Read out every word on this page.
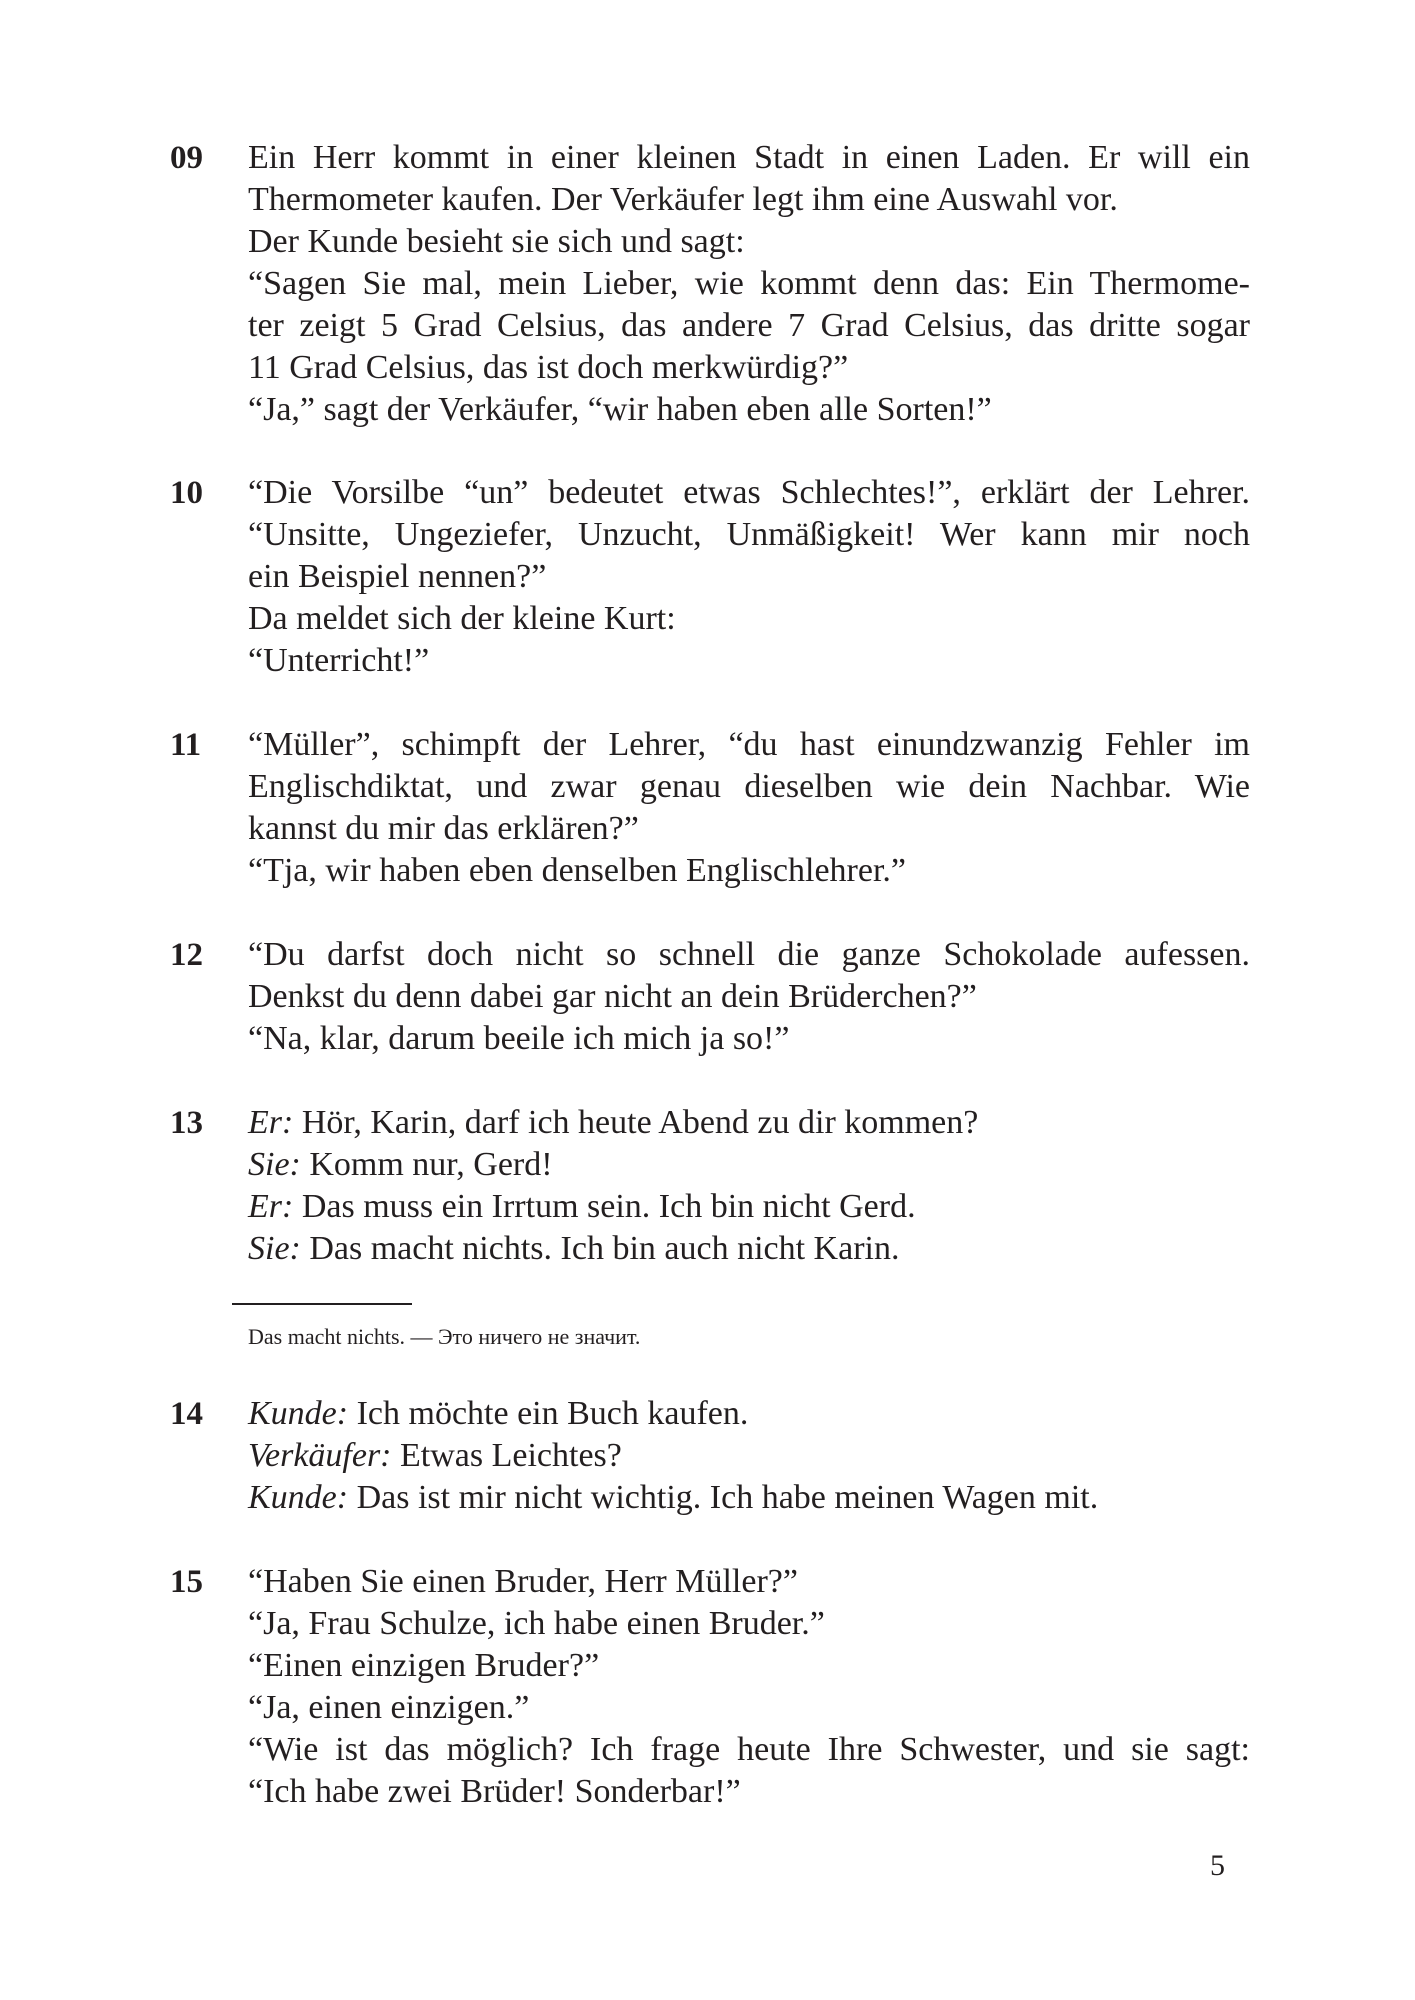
09	Ein Herr kommt in einer kleinen Stadt in einen Laden. Er will ein
Thermometer kaufen. Der Verkäufer legt ihm eine Auswahl vor.
Der Kunde besieht sie sich und sagt:
“Sagen Sie mal, mein Lieber, wie kommt denn das: Ein Thermome-
ter zeigt 5 Grad Celsius, das andere 7 Grad Celsius, das dritte sogar
11 Grad Celsius, das ist doch merkwürdig?”
“Ja,” sagt der Verkäufer, “wir haben eben alle Sorten!”
10	“Die Vorsilbe “un” bedeutet etwas Schlechtes!”, erklärt der Lehrer.
“Unsitte, Ungeziefer, Unzucht, Unmäßigkeit! Wer kann mir noch
ein Beispiel nennen?”
Da meldet sich der kleine Kurt:
“Unterricht!”
11	“Müller”, schimpft der Lehrer, “du hast einundzwanzig Fehler im
Englischdiktat, und zwar genau dieselben wie dein Nachbar. Wie
kannst du mir das erklären?”
“Tja, wir haben eben denselben Englischlehrer.”
12	“Du darfst doch nicht so schnell die ganze Schokolade aufessen.
Denkst du denn dabei gar nicht an dein Brüderchen?”
“Na, klar, darum beeile ich mich ja so!”
13	Er: Hör, Karin, darf ich heute Abend zu dir kommen?
Sie: Komm nur, Gerd!
Er: Das muss ein Irrtum sein. Ich bin nicht Gerd.
Sie: Das macht nichts. Ich bin auch nicht Karin.
Das macht nichts. — Это ничего не значит.
14	Kunde: Ich möchte ein Buch kaufen.
Verkäufer: Etwas Leichtes?
Kunde: Das ist mir nicht wichtig. Ich habe meinen Wagen mit.
15	“Haben Sie einen Bruder, Herr Müller?”
“Ja, Frau Schulze, ich habe einen Bruder.”
“Einen einzigen Bruder?”
“Ja, einen einzigen.”
“Wie ist das möglich? Ich frage heute Ihre Schwester, und sie sagt:
“Ich habe zwei Brüder! Sonderbar!”
5
